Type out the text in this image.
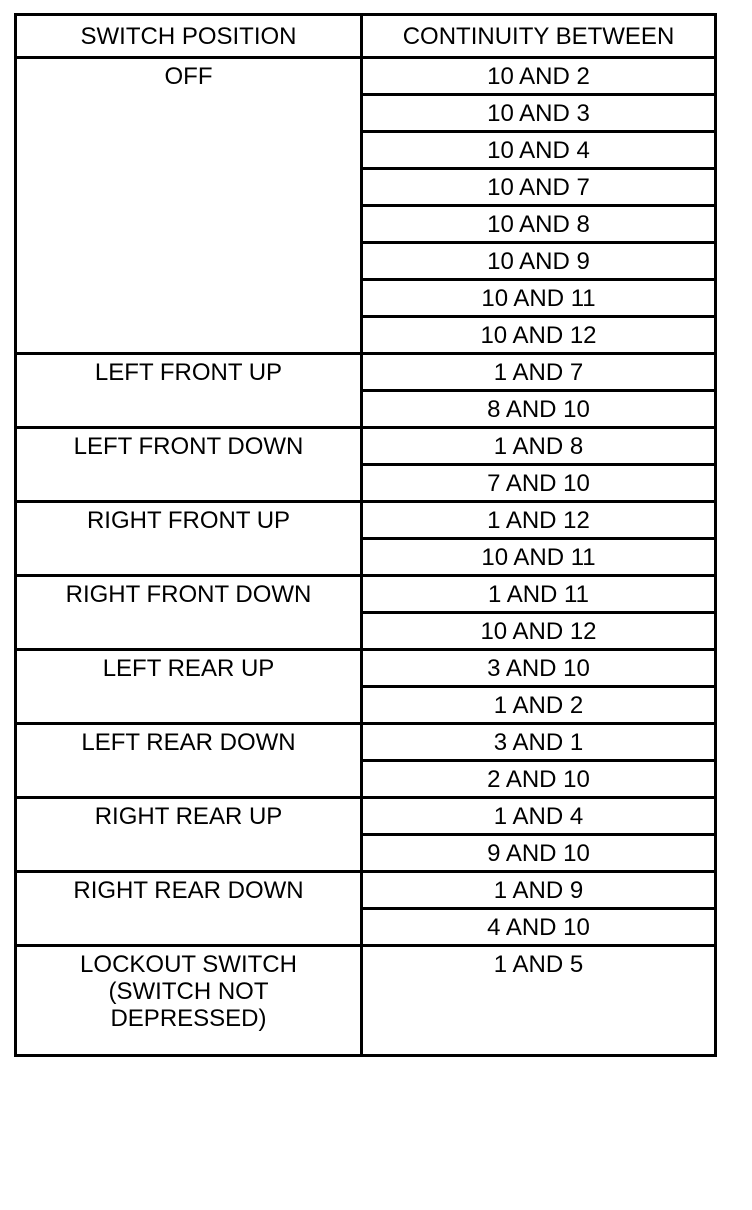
SWITCH POSITION	CONTINUITY BETWEEN

OFF	10 AND 2
	10 AND 3
	10 AND 4
	10 AND 7
	10 AND 8
	10 AND 9
	10 AND 11
	10 AND 12

LEFT FRONT UP	1 AND 7
	8 AND 10

LEFT FRONT DOWN	1 AND 8
	7 AND 10

RIGHT FRONT UP	1 AND 12
	10 AND 11

RIGHT FRONT DOWN	1 AND 11
	10 AND 12

LEFT REAR UP	3 AND 10
	1 AND 2

LEFT REAR DOWN	3 AND 1
	2 AND 10

RIGHT REAR UP	1 AND 4
	9 AND 10

RIGHT REAR DOWN	1 AND 9
	4 AND 10

LOCKOUT SWITCH
(SWITCH NOT
DEPRESSED)	1 AND 5
